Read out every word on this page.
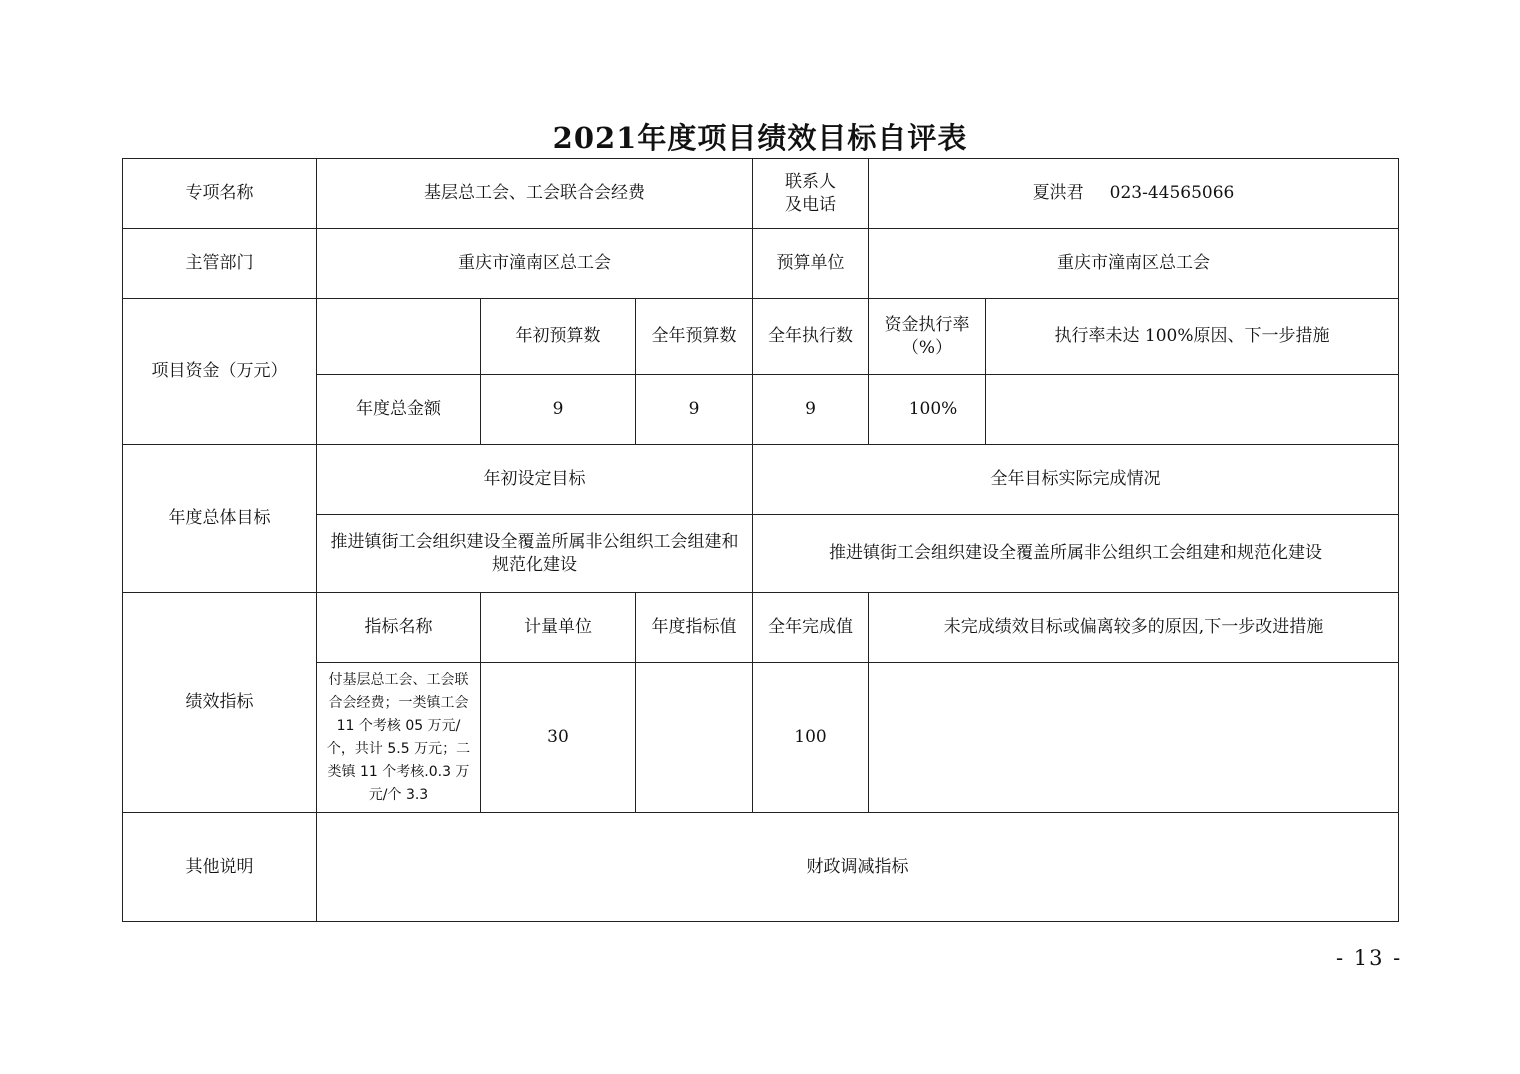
2021年度项目绩效目标自评表
专项名称	基层总工会、工会联合会经费			联系人
及电话	夏洪君 023-44565066	
主管部门	重庆市潼南区总工会			预算单位	重庆市潼南区总工会	
项目资金（万元）		年初预算数	全年预算数	全年执行数	资金执行率
（%）	执行率未达 100%原因、下一步措施
	年度总金额	9	9	9	100%	
年度总体目标	年初设定目标			全年目标实际完成情况		
	推进镇街工会组织建设全覆盖所属非公组织工会组建和规范化建设			推进镇街工会组织建设全覆盖所属非公组织工会组建和规范化建设		
绩效指标	指标名称	计量单位	年度指标值	全年完成值	未完成绩效目标或偏离较多的原因,下一步改进措施	
	付基层总工会、工会联合会经费；一类镇工会 11 个考核 05 万元/个，共计 5.5 万元；二类镇 11 个考核.0.3 万元/个 3.3	30		100		
其他说明	财政调减指标					
- 13 -
